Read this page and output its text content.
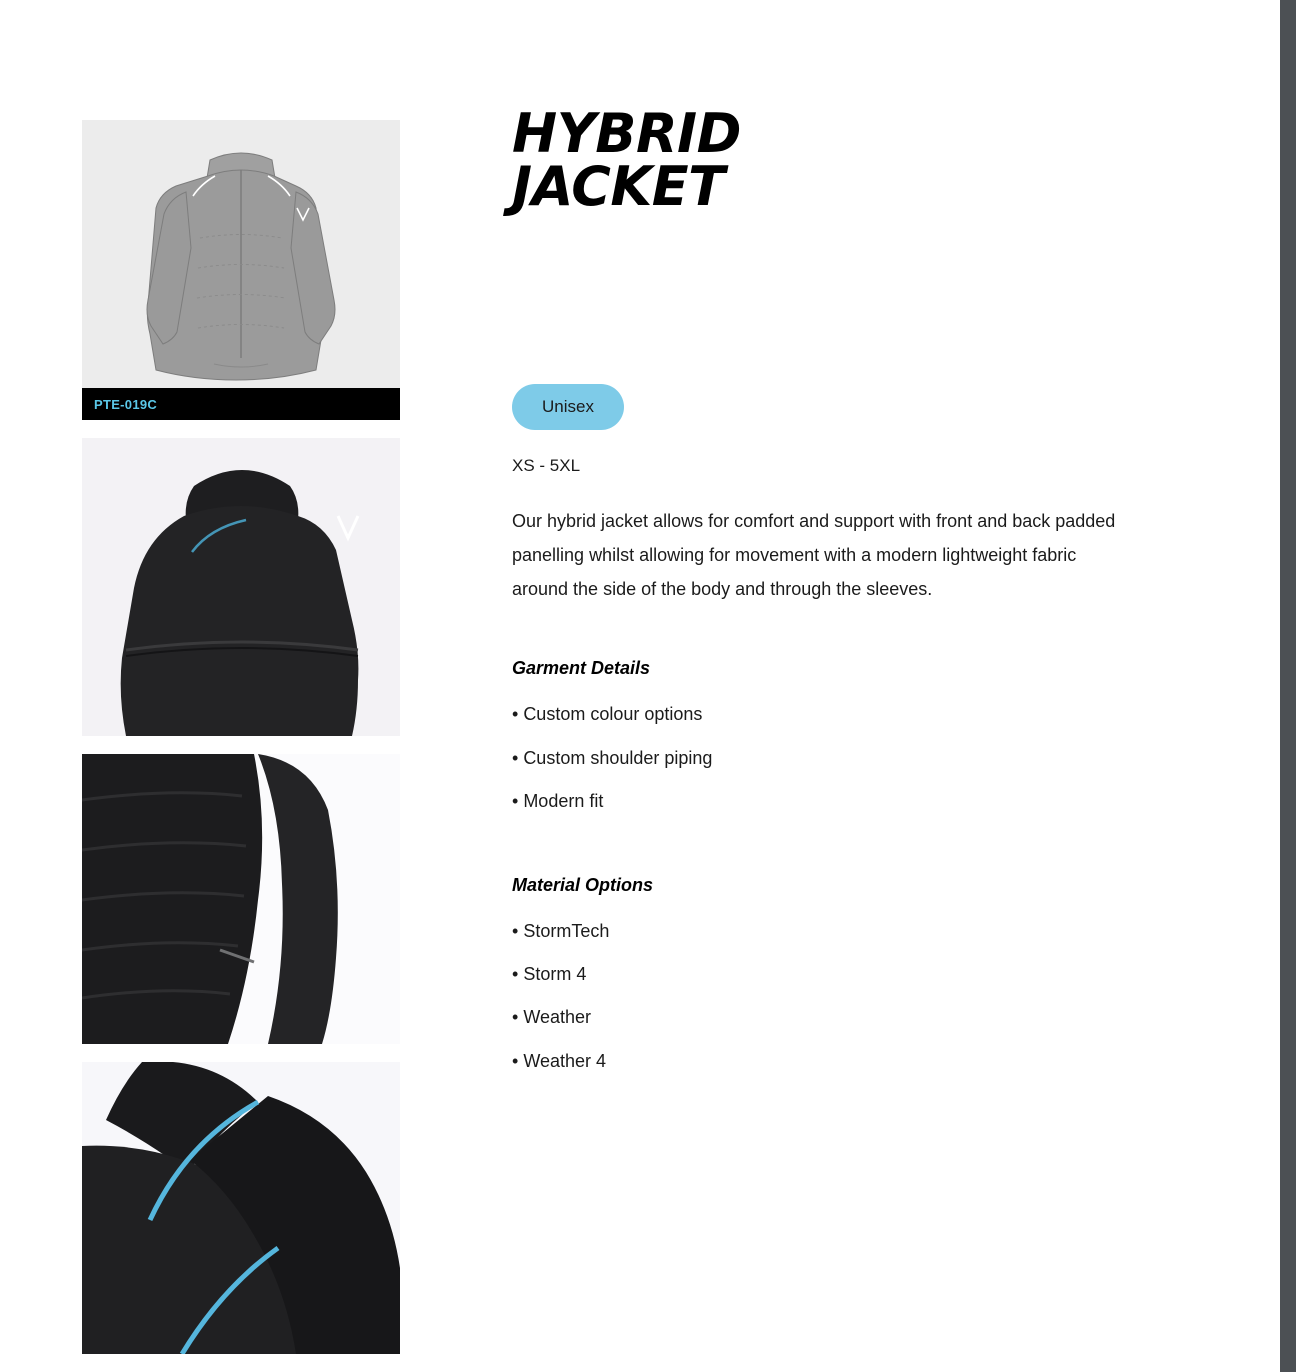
PTE-019C
HYBRID
JACKET
Unisex
XS - 5XL

Our hybrid jacket allows for comfort and support with front and back padded panelling whilst allowing for movement with a modern lightweight fabric around the side of the body and through the sleeves.

Garment Details
• Custom colour options
• Custom shoulder piping
• Modern fit
Material Options
• StormTech
• Storm 4
• Weather
• Weather 4
